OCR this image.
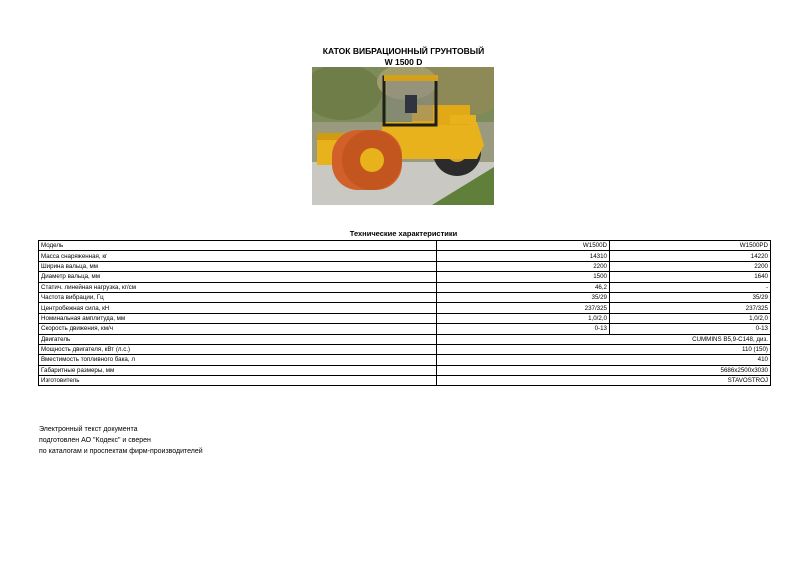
КАТОК ВИБРАЦИОННЫЙ ГРУНТОВЫЙ
W 1500 D
Технические характеристики
Модель	W1500D	W1500PD
Масса снаряженная, кг	14310	14220
Ширина вальца, мм	2200	2200
Диаметр вальца, мм	1500	1640
Статич. линейная нагрузка, кг/см	46,2	-
Частота вибрации, Гц	35/29	35/29
Центробежная сила, кН	237/325	237/325
Номинальная амплитуда, мм	1,0/2,0	1,0/2,0
Скорость движения, км/ч	0-13	0-13
Двигатель	CUMMINS B5,9-C148, диз.	
Мощность двигателя, кВт (л.с.)	110 (150)	
Вместимость топливного бака, л	410	
Габаритные размеры, мм	5686x2500x3030	
Изготовитель	STAVOSTROJ	
Электронный текст документа
подготовлен АО "Кодекс" и сверен
по каталогам и проспектам фирм-производителей
